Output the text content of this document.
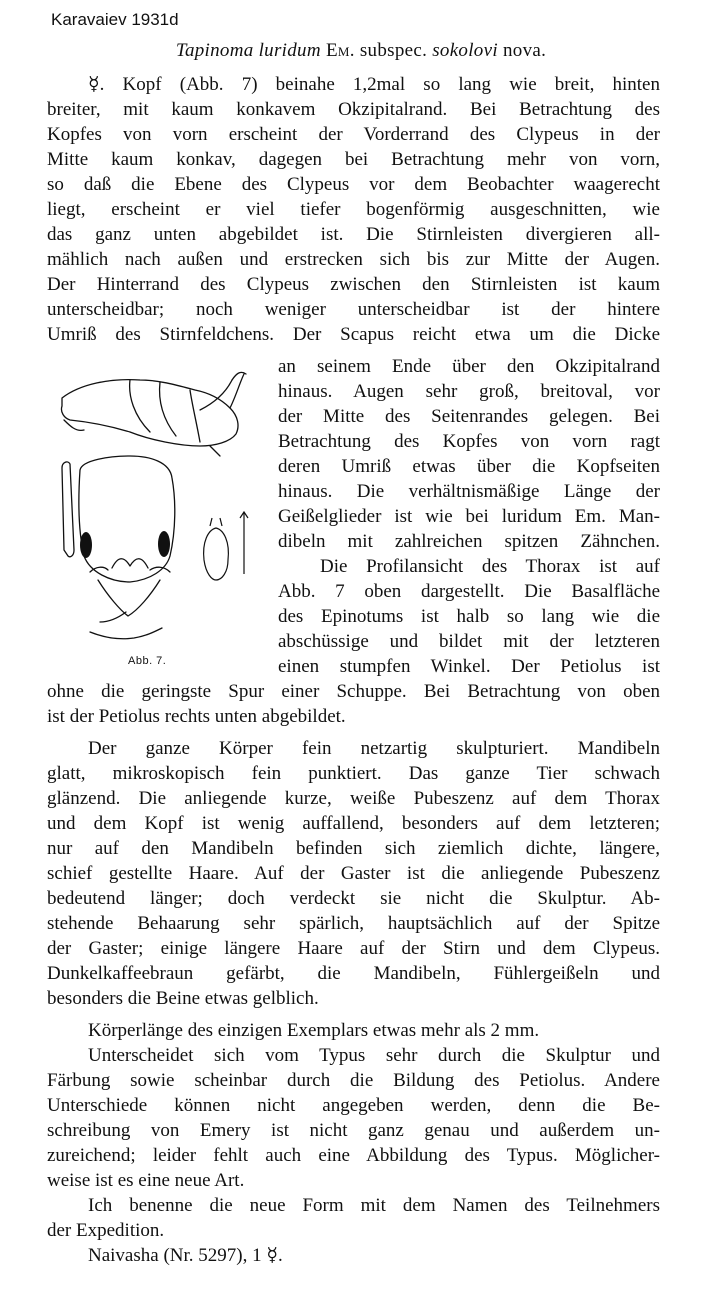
Karavaiev 1931d
Tapinoma luridum Em. subspec. sokolovi nova.
☿. Kopf (Abb. 7) beinahe 1,2mal so lang wie breit, hinten
breiter, mit kaum konkavem Okzipitalrand. Bei Betrachtung des
Kopfes von vorn erscheint der Vorderrand des Clypeus in der
Mitte kaum konkav, dagegen bei Betrachtung mehr von vorn,
so daß die Ebene des Clypeus vor dem Beobachter waagerecht
liegt, erscheint er viel tiefer bogenförmig ausgeschnitten, wie
das ganz unten abgebildet ist. Die Stirnleisten divergieren all-
mählich nach außen und erstrecken sich bis zur Mitte der Augen.
Der Hinterrand des Clypeus zwischen den Stirnleisten ist kaum
unterscheidbar; noch weniger unterscheidbar ist der hintere
Umriß des Stirnfeldchens. Der Scapus reicht etwa um die Dicke
an seinem Ende über den Okzipitalrand
hinaus. Augen sehr groß, breitoval, vor
der Mitte des Seitenrandes gelegen. Bei
Betrachtung des Kopfes von vorn ragt
deren Umriß etwas über die Kopfseiten
hinaus. Die verhältnismäßige Länge der
Geißelglieder ist wie bei luridum Em. Man-
dibeln mit zahlreichen spitzen Zähnchen.
Die Profilansicht des Thorax ist auf
Abb. 7 oben dargestellt. Die Basalfläche
des Epinotums ist halb so lang wie die
abschüssige und bildet mit der letzteren
einen stumpfen Winkel. Der Petiolus ist
ohne die geringste Spur einer Schuppe. Bei Betrachtung von oben
ist der Petiolus rechts unten abgebildet.
Der ganze Körper fein netzartig skulpturiert. Mandibeln
glatt, mikroskopisch fein punktiert. Das ganze Tier schwach
glänzend. Die anliegende kurze, weiße Pubeszenz auf dem Thorax
und dem Kopf ist wenig auffallend, besonders auf dem letzteren;
nur auf den Mandibeln befinden sich ziemlich dichte, längere,
schief gestellte Haare. Auf der Gaster ist die anliegende Pubeszenz
bedeutend länger; doch verdeckt sie nicht die Skulptur. Ab-
stehende Behaarung sehr spärlich, hauptsächlich auf der Spitze
der Gaster; einige längere Haare auf der Stirn und dem Clypeus.
Dunkelkaffeebraun gefärbt, die Mandibeln, Fühlergeißeln und
besonders die Beine etwas gelblich.
Körperlänge des einzigen Exemplars etwas mehr als 2 mm.
Unterscheidet sich vom Typus sehr durch die Skulptur und
Färbung sowie scheinbar durch die Bildung des Petiolus. Andere
Unterschiede können nicht angegeben werden, denn die Be-
schreibung von Emery ist nicht ganz genau und außerdem un-
zureichend; leider fehlt auch eine Abbildung des Typus. Möglicher-
weise ist es eine neue Art.
Ich benenne die neue Form mit dem Namen des Teilnehmers
der Expedition.
Naivasha (Nr. 5297), 1 ☿.
Abb. 7.
